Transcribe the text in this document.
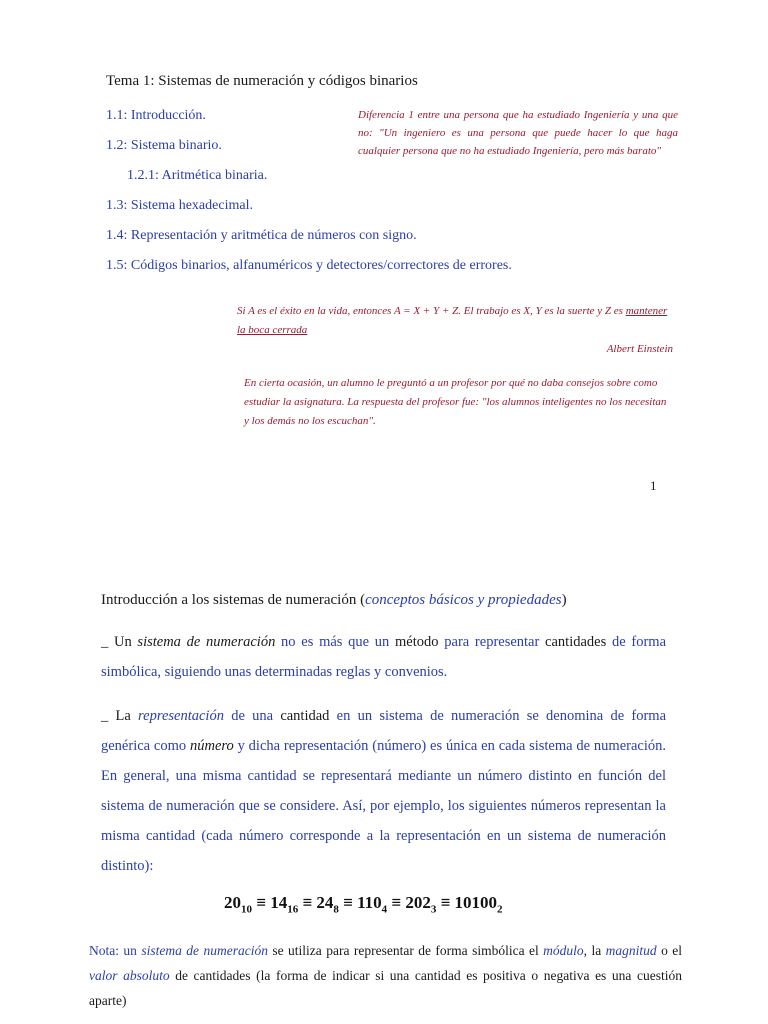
Tema 1: Sistemas de numeración y códigos binarios
1.1: Introducción.
1.2: Sistema binario.
1.2.1: Aritmética binaria.
1.3: Sistema hexadecimal.
1.4: Representación y aritmética de números con signo.
1.5: Códigos binarios, alfanuméricos y detectores/correctores de errores.
Diferencia 1 entre una persona que ha estudiado Ingeniería y una que no: "Un ingeniero es una persona que puede hacer lo que haga cualquier persona que no ha estudiado Ingeniería, pero más barato"
Si A es el éxito en la vida, entonces A = X + Y + Z. El trabajo es X, Y es la suerte y Z es mantener la boca cerrada
Albert Einstein
En cierta ocasión, un alumno le preguntó a un profesor por qué no daba consejos sobre como estudiar la asignatura. La respuesta del profesor fue: "los alumnos inteligentes no los necesitan y los demás no los escuchan".
1
Introducción a los sistemas de numeración (conceptos básicos y propiedades)
_ Un sistema de numeración no es más que un método para representar cantidades de forma simbólica, siguiendo unas determinadas reglas y convenios.
_ La representación de una cantidad en un sistema de numeración se denomina de forma genérica como número y dicha representación (número) es única en cada sistema de numeración. En general, una misma cantidad se representará mediante un número distinto en función del sistema de numeración que se considere. Así, por ejemplo, los siguientes números representan la misma cantidad (cada número corresponde a la representación en un sistema de numeración distinto):
$20_{10} \equiv 14_{16} \equiv 24_8 \equiv 110_4 \equiv 202_3 \equiv 10100_2$
Nota: un sistema de numeración se utiliza para representar de forma simbólica el módulo, la magnitud o el valor absoluto de cantidades (la forma de indicar si una cantidad es positiva o negativa es una cuestión aparte)
